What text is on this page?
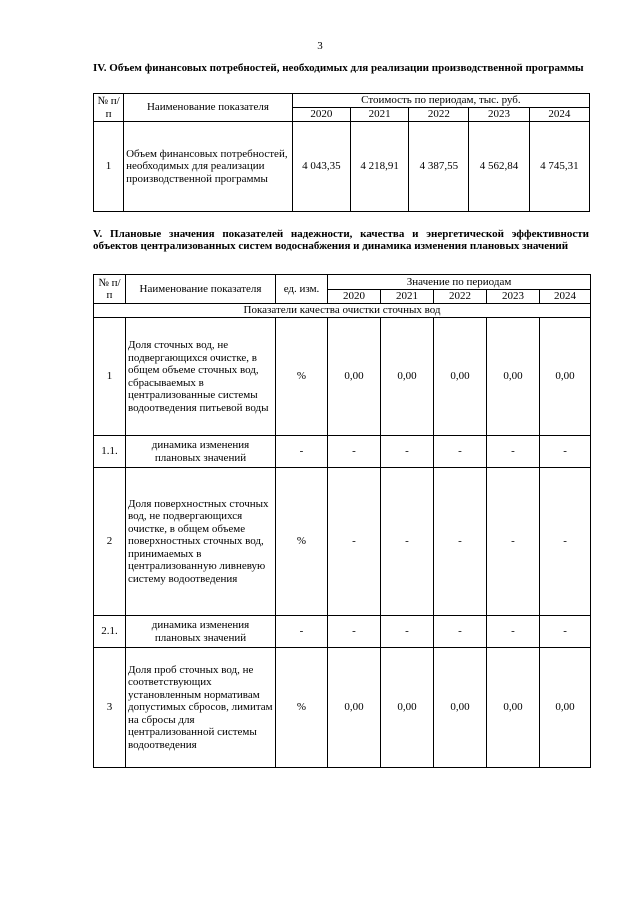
3
IV. Объем финансовых потребностей, необходимых для реализации производственной программы
№ п/п	Наименование показателя	Стоимость по периодам, тыс. руб.				
		2020	2021	2022	2023	2024
1	Объем финансовых потребностей, необходимых для реализации производственной программы	4 043,35	4 218,91	4 387,55	4 562,84	4 745,31
V. Плановые значения показателей надежности, качества и энергетической эффективности объектов централизованных систем водоснабжения и динамика изменения плановых значений
№ п/п	Наименование показателя	ед. изм.	Значение по периодам				
			2020	2021	2022	2023	2024
Показатели качества очистки сточных вод							
1	Доля сточных вод, не подвергающихся очистке, в общем объеме сточных вод, сбрасываемых в централизованные системы водоотведения питьевой воды	%	0,00	0,00	0,00	0,00	0,00
1.1.	динамика изменения плановых значений	-	-	-	-	-	-
2	Доля поверхностных сточных вод, не подвергающихся очистке, в общем объеме поверхностных сточных вод, принимаемых в централизованную ливневую систему водоотведения	%	-	-	-	-	-
2.1.	динамика изменения плановых значений	-	-	-	-	-	-
3	Доля проб сточных вод, не соответствующих установленным нормативам допустимых сбросов, лимитам на сбросы для централизованной системы водоотведения	%	0,00	0,00	0,00	0,00	0,00
